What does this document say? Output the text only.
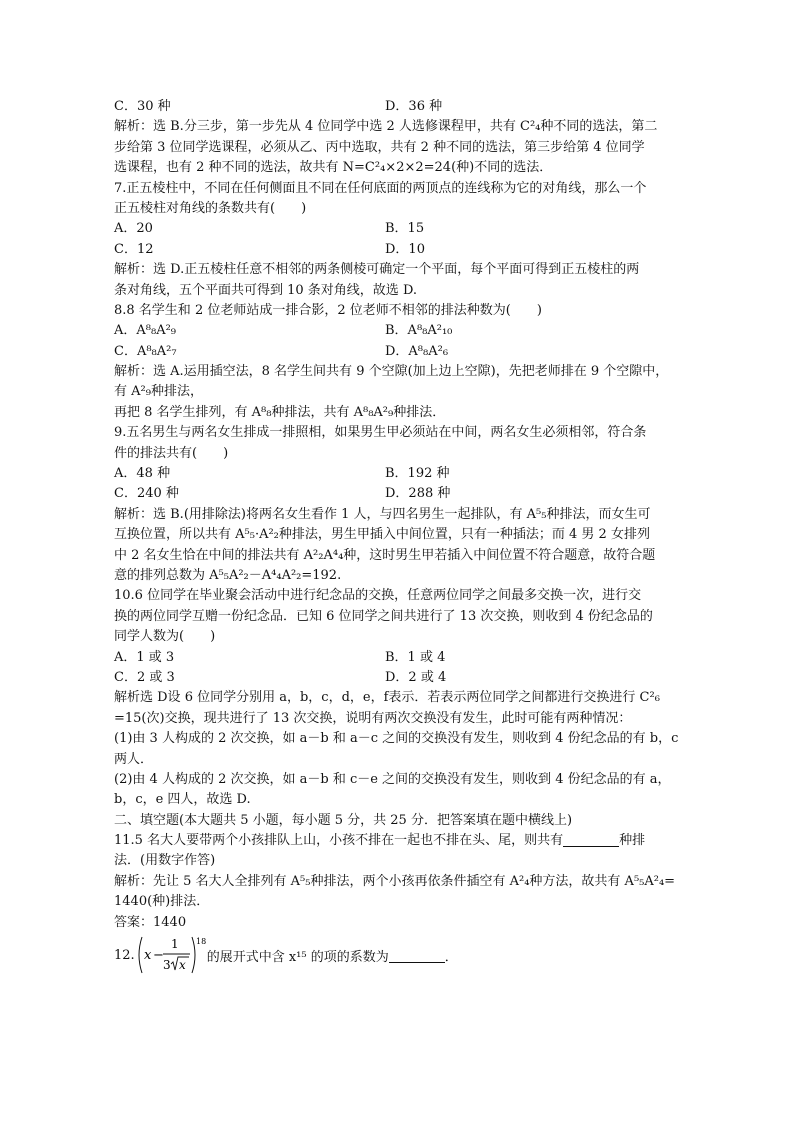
C．30 种	D．36 种
解析：选 B.分三步，第一步先从 4 位同学中选 2 人选修课程甲，共有 C²₄种不同的选法，第二
步给第 3 位同学选课程，必须从乙、丙中选取，共有 2 种不同的选法，第三步给第 4 位同学
选课程，也有 2 种不同的选法，故共有 N=C²₄×2×2=24(种)不同的选法．
7.正五棱柱中，不同在任何侧面且不同在任何底面的两顶点的连线称为它的对角线，那么一个
正五棱柱对角线的条数共有(　　)
A．20	B．15
C．12	D．10
解析：选 D.正五棱柱任意不相邻的两条侧棱可确定一个平面，每个平面可得到正五棱柱的两
条对角线，五个平面共可得到 10 条对角线，故选 D.
8.8 名学生和 2 位老师站成一排合影，2 位老师不相邻的排法种数为(　　)
A．A⁸₈A²₉	B．A⁸₈A²₁₀
C．A⁸₈A²₇	D．A⁸₈A²₆
解析：选 A.运用插空法，8 名学生间共有 9 个空隙(加上边上空隙)，先把老师排在 9 个空隙中，
有 A²₉种排法，
再把 8 名学生排列，有 A⁸₈种排法，共有 A⁸₈A²₉种排法．
9.五名男生与两名女生排成一排照相，如果男生甲必须站在中间，两名女生必须相邻，符合条
件的排法共有(　　)
A．48 种	B．192 种
C．240 种	D．288 种
解析：选 B.(用排除法)将两名女生看作 1 人，与四名男生一起排队，有 A⁵₅种排法，而女生可
互换位置，所以共有 A⁵₅·A²₂种排法，男生甲插入中间位置，只有一种插法；而 4 男 2 女排列
中 2 名女生恰在中间的排法共有 A²₂A⁴₄种，这时男生甲若插入中间位置不符合题意，故符合题
意的排列总数为 A⁵₅A²₂－A⁴₄A²₂=192.
10.6 位同学在毕业聚会活动中进行纪念品的交换，任意两位同学之间最多交换一次，进行交
换的两位同学互赠一份纪念品．已知 6 位同学之间共进行了 13 次交换，则收到 4 份纪念品的
同学人数为(　　)
A．1 或 3	B．1 或 4
C．2 或 3	D．2 或 4
解析选 D设 6 位同学分别用 a，b，c，d，e，f表示．若表示两位同学之间都进行交换进行 C²₆
=15(次)交换，现共进行了 13 次交换，说明有两次交换没有发生，此时可能有两种情况：
(1)由 3 人构成的 2 次交换，如 a－b 和 a－c 之间的交换没有发生，则收到 4 份纪念品的有 b，c
两人．
(2)由 4 人构成的 2 次交换，如 a－b 和 c－e 之间的交换没有发生，则收到 4 份纪念品的有 a，
b，c，e 四人，故选 D.
二、填空题(本大题共 5 小题，每小题 5 分，共 25 分．把答案填在题中横线上)
11.5 名大人要带两个小孩排队上山，小孩不排在一起也不排在头、尾，则共有	种排
法．(用数字作答)
解析：先让 5 名大人全排列有 A⁵₅种排法，两个小孩再依条件插空有 A²₄种方法，故共有 A⁵₅A²₄=
1440(种)排法．
答案：1440
12. x −
1
3 x
18
的展开式中含 x¹⁵ 的项的系数为	．
